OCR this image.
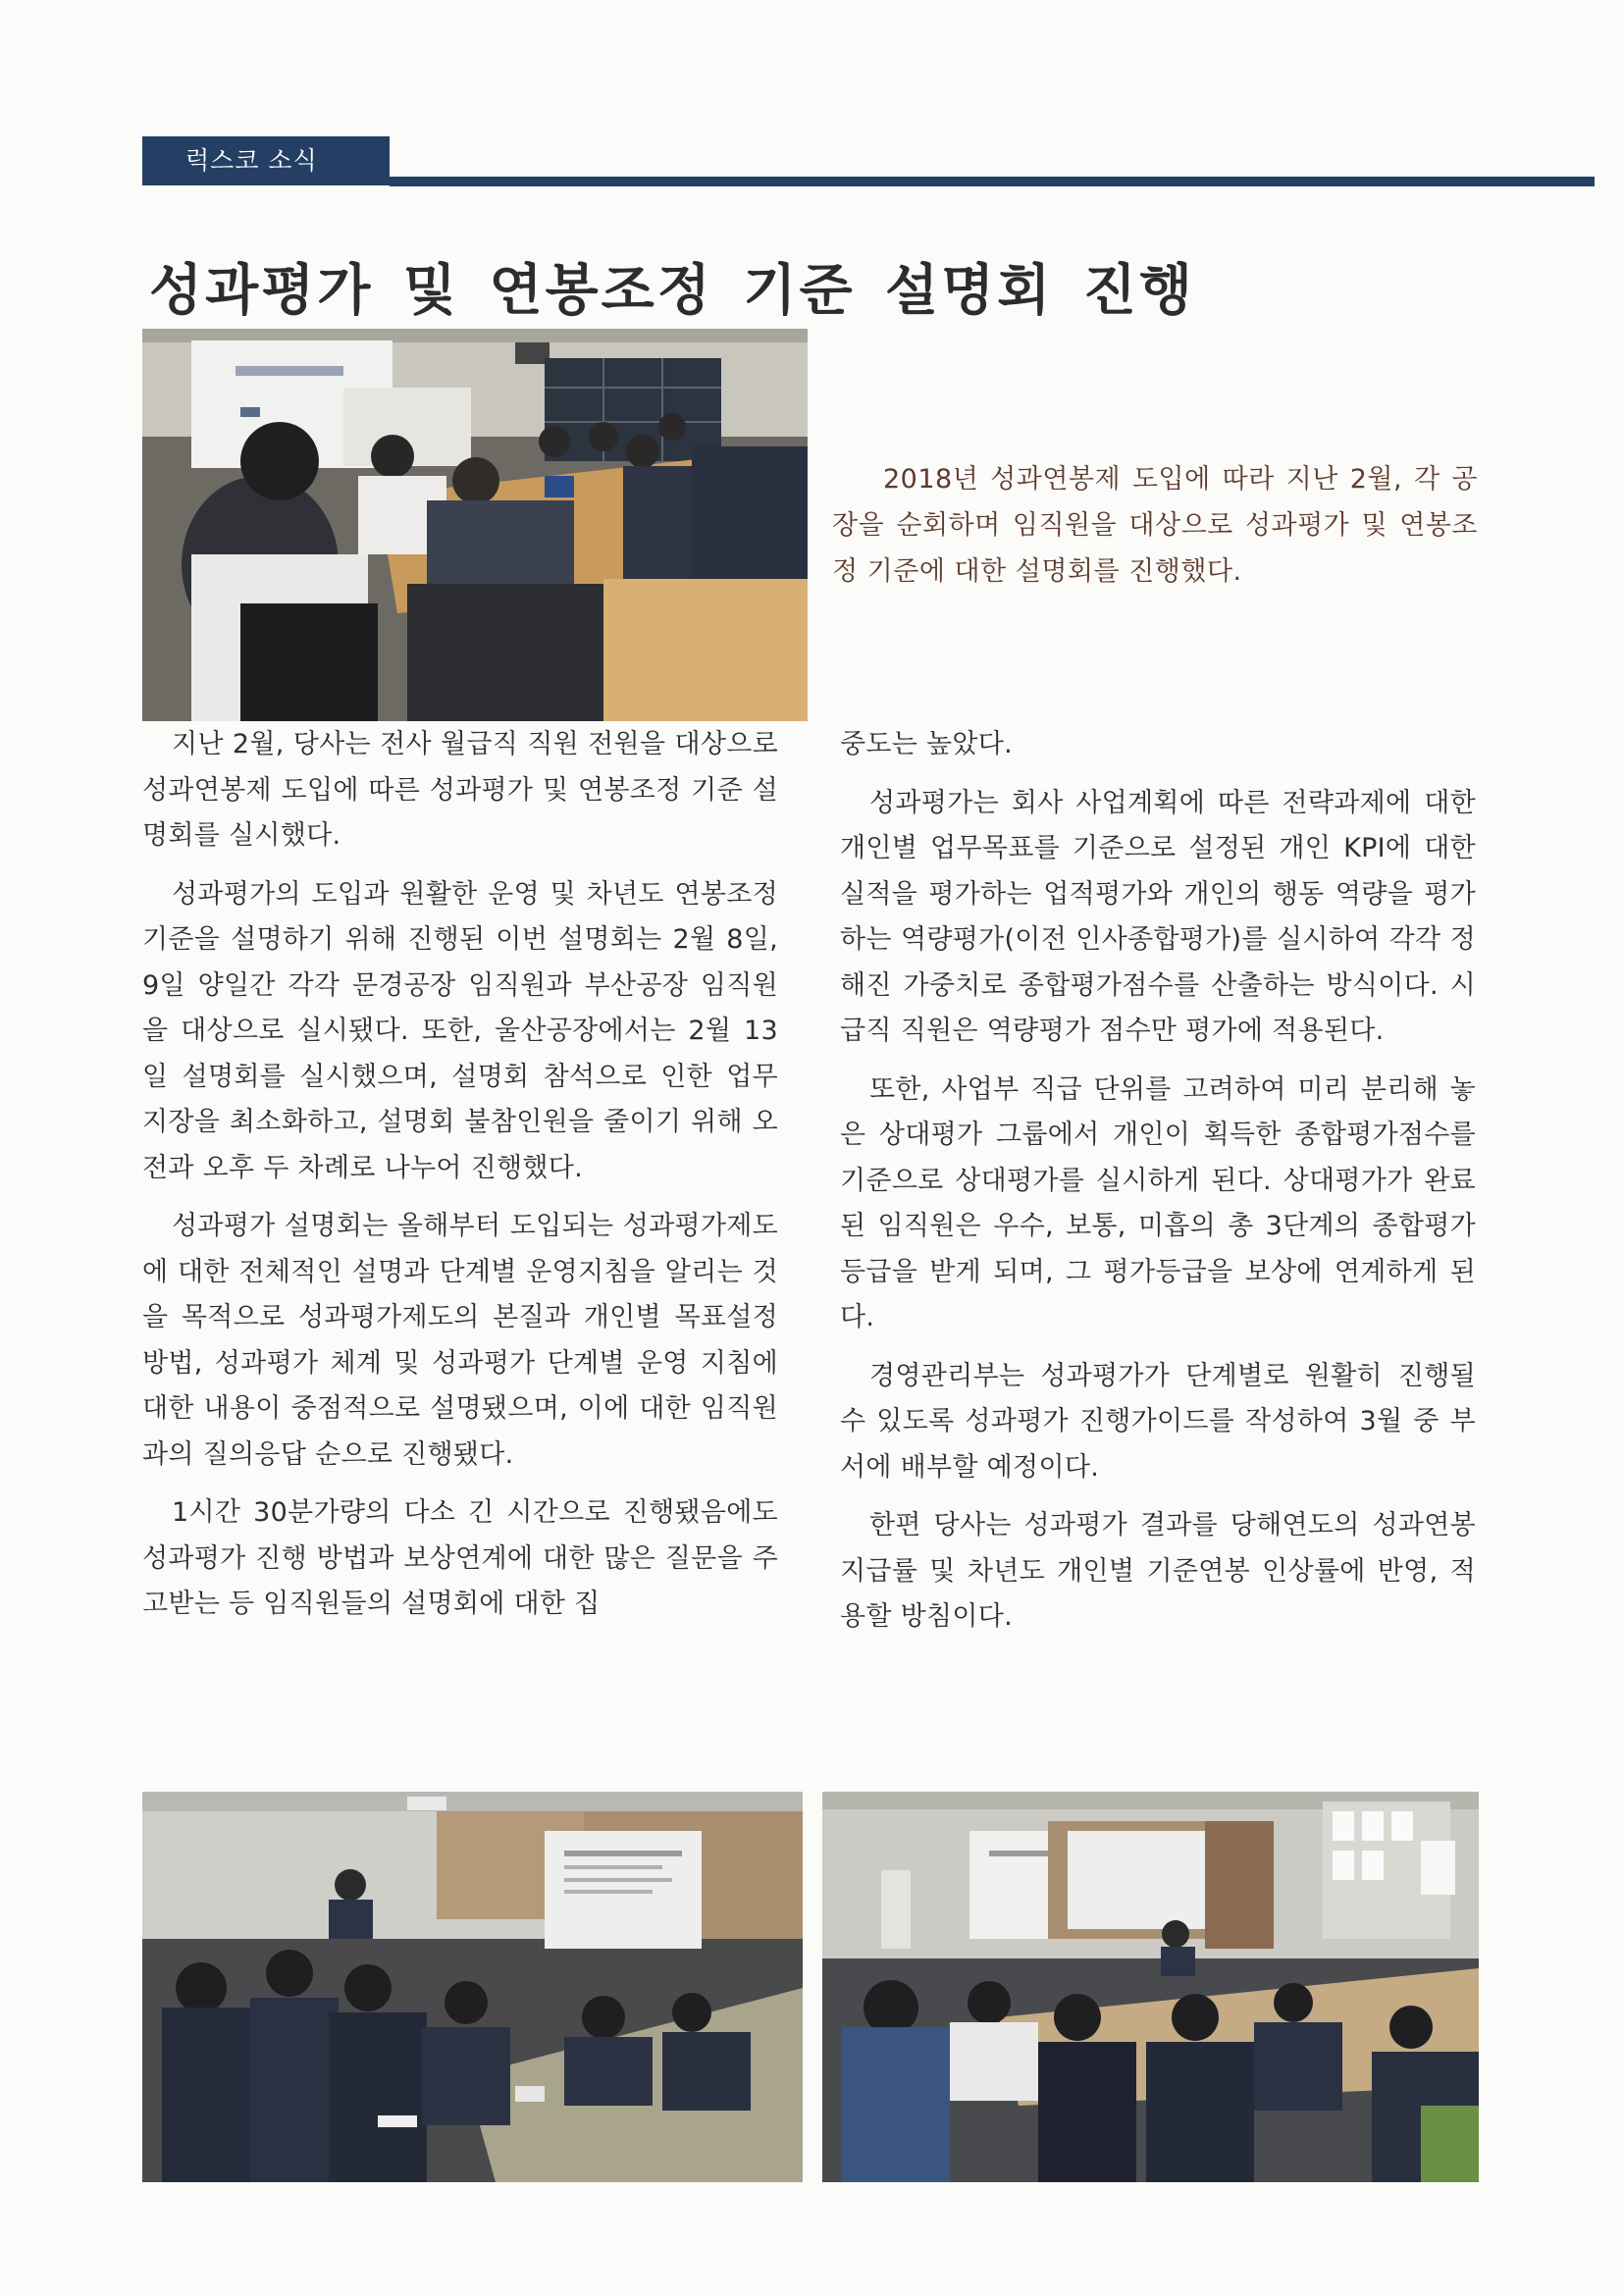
럭스코 소식
성과평가 및 연봉조정 기준 설명회 진행

2018년 성과연봉제 도입에 따라 지난 2월, 각 공장을 순회하며 임직원을 대상으로 성과평가 및 연봉조정 기준에 대한 설명회를 진행했다.

지난 2월, 당사는 전사 월급직 직원 전원을 대상으로 성과연봉제 도입에 따른 성과평가 및 연봉조정 기준 설명회를 실시했다.

성과평가의 도입과 원활한 운영 및 차년도 연봉조정 기준을 설명하기 위해 진행된 이번 설명회는 2월 8일, 9일 양일간 각각 문경공장 임직원과 부산공장 임직원을 대상으로 실시됐다. 또한, 울산공장에서는 2월 13일 설명회를 실시했으며, 설명회 참석으로 인한 업무 지장을 최소화하고, 설명회 불참인원을 줄이기 위해 오전과 오후 두 차례로 나누어 진행했다.

성과평가 설명회는 올해부터 도입되는 성과평가제도에 대한 전체적인 설명과 단계별 운영지침을 알리는 것을 목적으로 성과평가제도의 본질과 개인별 목표설정 방법, 성과평가 체계 및 성과평가 단계별 운영 지침에 대한 내용이 중점적으로 설명됐으며, 이에 대한 임직원과의 질의응답 순으로 진행됐다.

1시간 30분가량의 다소 긴 시간으로 진행됐음에도 성과평가 진행 방법과 보상연계에 대한 많은 질문을 주고받는 등 임직원들의 설명회에 대한 집

중도는 높았다.

성과평가는 회사 사업계획에 따른 전략과제에 대한 개인별 업무목표를 기준으로 설정된 개인 KPI에 대한 실적을 평가하는 업적평가와 개인의 행동 역량을 평가하는 역량평가(이전 인사종합평가)를 실시하여 각각 정해진 가중치로 종합평가점수를 산출하는 방식이다. 시급직 직원은 역량평가 점수만 평가에 적용된다.

또한, 사업부 직급 단위를 고려하여 미리 분리해 놓은 상대평가 그룹에서 개인이 획득한 종합평가점수를 기준으로 상대평가를 실시하게 된다. 상대평가가 완료된 임직원은 우수, 보통, 미흡의 총 3단계의 종합평가등급을 받게 되며, 그 평가등급을 보상에 연계하게 된다.

경영관리부는 성과평가가 단계별로 원활히 진행될 수 있도록 성과평가 진행가이드를 작성하여 3월 중 부서에 배부할 예정이다.

한편 당사는 성과평가 결과를 당해연도의 성과연봉 지급률 및 차년도 개인별 기준연봉 인상률에 반영, 적용할 방침이다.
